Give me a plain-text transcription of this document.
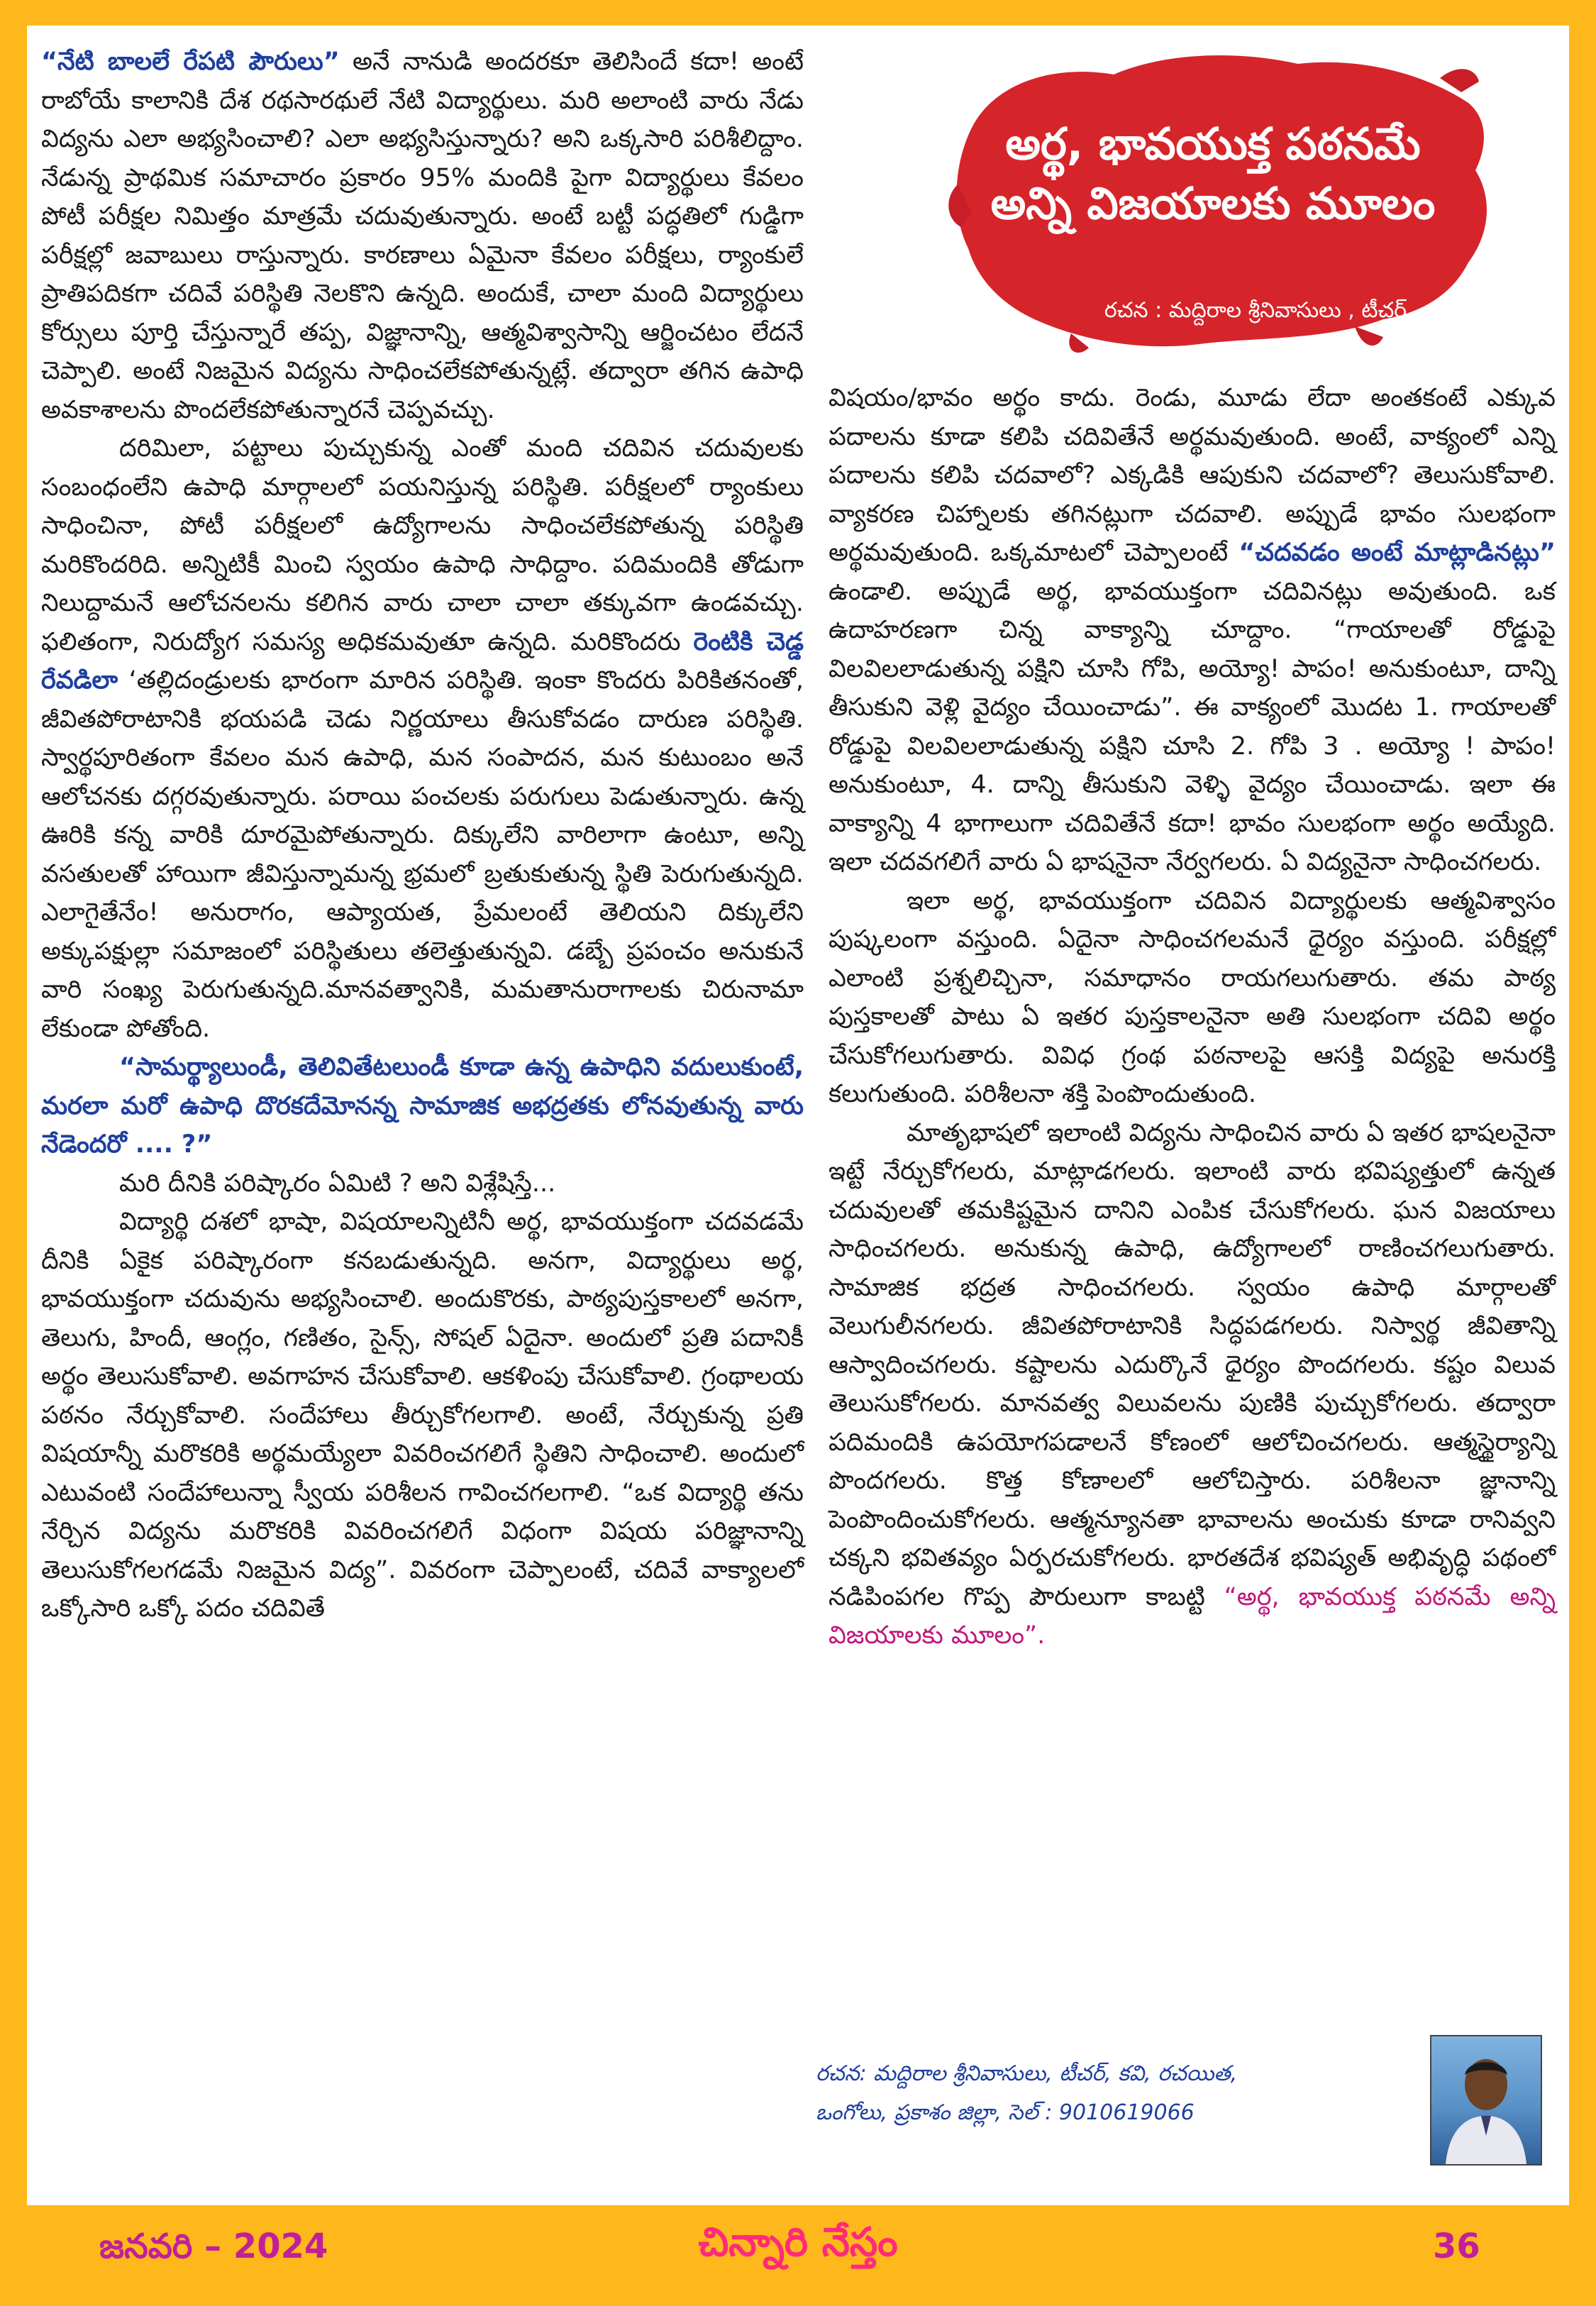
“నేటి బాలలే రేపటి పౌరులు” అనే నానుడి అందరకూ తెలిసిందే కదా! అంటే రాబోయే కాలానికి దేశ రథసారథులే నేటి విద్యార్థులు. మరి అలాంటి వారు నేడు విద్యను ఎలా అభ్యసించాలి? ఎలా అభ్యసిస్తున్నారు? అని ఒక్కసారి పరిశీలిద్దాం. నేడున్న ప్రాథమిక సమాచారం ప్రకారం 95% మందికి పైగా విద్యార్థులు కేవలం పోటీ పరీక్షల నిమిత్తం మాత్రమే చదువుతున్నారు. అంటే బట్టీ పద్ధతిలో గుడ్డిగా పరీక్షల్లో జవాబులు రాస్తున్నారు. కారణాలు ఏమైనా కేవలం పరీక్షలు, ర్యాంకులే ప్రాతిపదికగా చదివే పరిస్థితి నెలకొని ఉన్నది. అందుకే, చాలా మంది విద్యార్థులు కోర్సులు పూర్తి చేస్తున్నారే తప్ప, విజ్ఞానాన్ని, ఆత్మవిశ్వాసాన్ని ఆర్జించటం లేదనే చెప్పాలి. అంటే నిజమైన విద్యను సాధించలేకపోతున్నట్లే. తద్వారా తగిన ఉపాధి అవకాశాలను పొందలేకపోతున్నారనే చెప్పవచ్చు.

దరిమిలా, పట్టాలు పుచ్చుకున్న ఎంతో మంది చదివిన చదువులకు సంబంధంలేని ఉపాధి మార్గాలలో పయనిస్తున్న పరిస్థితి. పరీక్షలలో ర్యాంకులు సాధించినా, పోటీ పరీక్షలలో ఉద్యోగాలను సాధించలేకపోతున్న పరిస్థితి మరికొందరిది. అన్నిటికీ మించి స్వయం ఉపాధి సాధిద్దాం. పదిమందికి తోడుగా నిలుద్దామనే ఆలోచనలను కలిగిన వారు చాలా చాలా తక్కువగా ఉండవచ్చు. ఫలితంగా, నిరుద్యోగ సమస్య అధికమవుతూ ఉన్నది. మరికొందరు రెంటికి చెడ్డ రేవడిలా ‘తల్లిదండ్రులకు భారంగా మారిన పరిస్థితి. ఇంకా కొందరు పిరికితనంతో, జీవితపోరాటానికి భయపడి చెడు నిర్ణయాలు తీసుకోవడం దారుణ పరిస్థితి. స్వార్థపూరితంగా కేవలం మన ఉపాధి, మన సంపాదన, మన కుటుంబం అనే ఆలోచనకు దగ్గరవుతున్నారు. పరాయి పంచలకు పరుగులు పెడుతున్నారు. ఉన్న ఊరికి కన్న వారికి దూరమైపోతున్నారు. దిక్కులేని వారిలాగా ఉంటూ, అన్ని వసతులతో హాయిగా జీవిస్తున్నామన్న భ్రమలో బ్రతుకుతున్న స్థితి పెరుగుతున్నది. ఎలాగైతేనేం! అనురాగం, ఆప్యాయత, ప్రేమలంటే తెలియని దిక్కులేని అక్కుపక్షుల్లా సమాజంలో పరిస్థితులు తలెత్తుతున్నవి. డబ్బే ప్రపంచం అనుకునే వారి సంఖ్య పెరుగుతున్నది.మానవత్వానికి, మమతానురాగాలకు చిరునామా లేకుండా పోతోంది.

“సామర్థ్యాలుండీ, తెలివితేటలుండీ కూడా ఉన్న ఉపాధిని వదులుకుంటే, మరలా మరో ఉపాధి దొరకదేమోనన్న సామాజిక అభద్రతకు లోనవుతున్న వారు నేడెందరో .... ?”

మరి దీనికి పరిష్కారం ఏమిటి ? అని విశ్లేషిస్తే...

విద్యార్థి దశలో భాషా, విషయాలన్నిటినీ అర్థ, భావయుక్తంగా చదవడమే దీనికి ఏకైక పరిష్కారంగా కనబడుతున్నది. అనగా, విద్యార్థులు అర్థ, భావయుక్తంగా చదువును అభ్యసించాలి. అందుకొరకు, పాఠ్యపుస్తకాలలో అనగా, తెలుగు, హిందీ, ఆంగ్లం, గణితం, సైన్స్, సోషల్ ఏదైనా. అందులో ప్రతి పదానికీ అర్థం తెలుసుకోవాలి. అవగాహన చేసుకోవాలి. ఆకళింపు చేసుకోవాలి. గ్రంథాలయ పఠనం నేర్చుకోవాలి. సందేహాలు తీర్చుకోగలగాలి. అంటే, నేర్చుకున్న ప్రతి విషయాన్నీ మరొకరికి అర్థమయ్యేలా వివరించగలిగే స్థితిని సాధించాలి. అందులో ఎటువంటి సందేహాలున్నా స్వీయ పరిశీలన గావించగలగాలి. “ఒక విద్యార్థి తను నేర్చిన విద్యను మరొకరికి వివరించగలిగే విధంగా విషయ పరిజ్ఞానాన్ని తెలుసుకోగలగడమే నిజమైన విద్య”. వివరంగా చెప్పాలంటే, చదివే వాక్యాలలో ఒక్కోసారి ఒక్కో పదం చదివితే

విషయం/భావం అర్థం కాదు. రెండు, మూడు లేదా అంతకంటే ఎక్కువ పదాలను కూడా కలిపి చదివితేనే అర్థమవుతుంది. అంటే, వాక్యంలో ఎన్ని పదాలను కలిపి చదవాలో? ఎక్కడికి ఆపుకుని చదవాలో? తెలుసుకోవాలి. వ్యాకరణ చిహ్నాలకు తగినట్లుగా చదవాలి. అప్పుడే భావం సులభంగా అర్థమవుతుంది. ఒక్కమాటలో చెప్పాలంటే “చదవడం అంటే మాట్లాడినట్లు” ఉండాలి. అప్పుడే అర్థ, భావయుక్తంగా చదివినట్లు అవుతుంది. ఒక ఉదాహరణగా చిన్న వాక్యాన్ని చూద్దాం. “గాయాలతో రోడ్డుపై విలవిలలాడుతున్న పక్షిని చూసి గోపి, అయ్యో! పాపం! అనుకుంటూ, దాన్ని తీసుకుని వెళ్లి వైద్యం చేయించాడు”. ఈ వాక్యంలో మొదట 1. గాయాలతో రోడ్డుపై విలవిలలాడుతున్న పక్షిని చూసి 2. గోపి 3 . అయ్యో ! పాపం! అనుకుంటూ, 4. దాన్ని తీసుకుని వెళ్ళి వైద్యం చేయించాడు. ఇలా ఈ వాక్యాన్ని 4 భాగాలుగా చదివితేనే కదా! భావం సులభంగా అర్థం అయ్యేది. ఇలా చదవగలిగే వారు ఏ భాషనైనా నేర్వగలరు. ఏ విద్యనైనా సాధించగలరు.

ఇలా అర్థ, భావయుక్తంగా చదివిన విద్యార్థులకు ఆత్మవిశ్వాసం పుష్కలంగా వస్తుంది. ఏదైనా సాధించగలమనే ధైర్యం వస్తుంది. పరీక్షల్లో ఎలాంటి ప్రశ్నలిచ్చినా, సమాధానం రాయగలుగుతారు. తమ పాఠ్య పుస్తకాలతో పాటు ఏ ఇతర పుస్తకాలనైనా అతి సులభంగా చదివి అర్థం చేసుకోగలుగుతారు. వివిధ గ్రంథ పఠనాలపై ఆసక్తి విద్యపై అనురక్తి కలుగుతుంది. పరిశీలనా శక్తి పెంపొందుతుంది.

మాతృభాషలో ఇలాంటి విద్యను సాధించిన వారు ఏ ఇతర భాషలనైనా ఇట్టే నేర్చుకోగలరు, మాట్లాడగలరు. ఇలాంటి వారు భవిష్యత్తులో ఉన్నత చదువులతో తమకిష్టమైన దానిని ఎంపిక చేసుకోగలరు. ఘన విజయాలు సాధించగలరు. అనుకున్న ఉపాధి, ఉద్యోగాలలో రాణించగలుగుతారు. సామాజిక భద్రత సాధించగలరు. స్వయం ఉపాధి మార్గాలతో వెలుగులీనగలరు. జీవితపోరాటానికి సిద్ధపడగలరు. నిస్వార్థ జీవితాన్ని ఆస్వాదించగలరు. కష్టాలను ఎదుర్కొనే ధైర్యం పొందగలరు. కష్టం విలువ తెలుసుకోగలరు. మానవత్వ విలువలను పుణికి పుచ్చుకోగలరు. తద్వారా పదిమందికి ఉపయోగపడాలనే కోణంలో ఆలోచించగలరు. ఆత్మస్థైర్యాన్ని పొందగలరు. కొత్త కోణాలలో ఆలోచిస్తారు. పరిశీలనా జ్ఞానాన్ని పెంపొందించుకోగలరు. ఆత్మన్యూనతా భావాలను అంచుకు కూడా రానివ్వని చక్కని భవితవ్యం ఏర్పరచుకోగలరు. భారతదేశ భవిష్యత్ అభివృద్ధి పథంలో నడిపింపగల గొప్ప పౌరులుగా కాబట్టి “అర్థ, భావయుక్త పఠనమే అన్ని విజయాలకు మూలం”.

అర్థ, భావయుక్త పఠనమే
అన్ని విజయాలకు మూలం
రచన : మద్దిరాల శ్రీనివాసులు , టీచర్
రచన: మద్దిరాల శ్రీనివాసులు, టీచర్, కవి, రచయిత,
ఒంగోలు, ప్రకాశం జిల్లా, సెల్ : 9010619066
జనవరి – 2024	చిన్నారి నేస్తం	36
